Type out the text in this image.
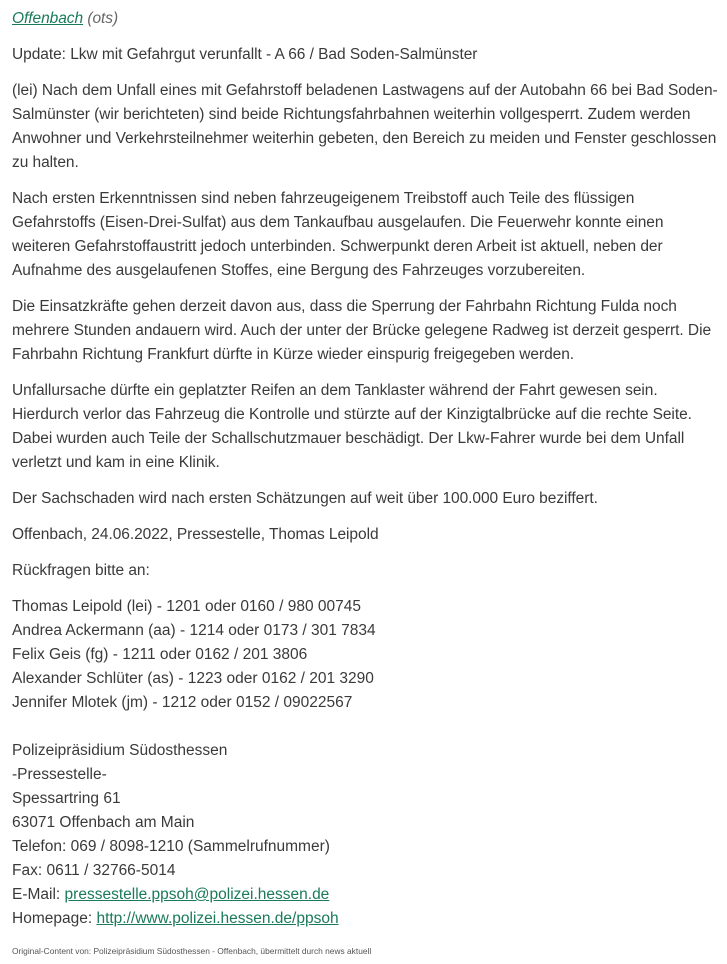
Offenbach (ots)

Update: Lkw mit Gefahrgut verunfallt - A 66 / Bad Soden-Salmünster

(lei) Nach dem Unfall eines mit Gefahrstoff beladenen Lastwagens auf der Autobahn 66 bei Bad Soden-Salmünster (wir berichteten) sind beide Richtungsfahrbahnen weiterhin vollgesperrt. Zudem werden Anwohner und Verkehrsteilnehmer weiterhin gebeten, den Bereich zu meiden und Fenster geschlossen zu halten.

Nach ersten Erkenntnissen sind neben fahrzeugeigenem Treibstoff auch Teile des flüssigen Gefahrstoffs (Eisen-Drei-Sulfat) aus dem Tankaufbau ausgelaufen. Die Feuerwehr konnte einen weiteren Gefahrstoffaustritt jedoch unterbinden. Schwerpunkt deren Arbeit ist aktuell, neben der Aufnahme des ausgelaufenen Stoffes, eine Bergung des Fahrzeuges vorzubereiten.

Die Einsatzkräfte gehen derzeit davon aus, dass die Sperrung der Fahrbahn Richtung Fulda noch mehrere Stunden andauern wird. Auch der unter der Brücke gelegene Radweg ist derzeit gesperrt. Die Fahrbahn Richtung Frankfurt dürfte in Kürze wieder einspurig freigegeben werden.

Unfallursache dürfte ein geplatzter Reifen an dem Tanklaster während der Fahrt gewesen sein. Hierdurch verlor das Fahrzeug die Kontrolle und stürzte auf der Kinzigtalbrücke auf die rechte Seite. Dabei wurden auch Teile der Schallschutzmauer beschädigt. Der Lkw-Fahrer wurde bei dem Unfall verletzt und kam in eine Klinik.

Der Sachschaden wird nach ersten Schätzungen auf weit über 100.000 Euro beziffert.

Offenbach, 24.06.2022, Pressestelle, Thomas Leipold

Rückfragen bitte an:

Thomas Leipold (lei) - 1201 oder 0160 / 980 00745
Andrea Ackermann (aa) - 1214 oder 0173 / 301 7834
Felix Geis (fg) - 1211 oder 0162 / 201 3806
Alexander Schlüter (as) - 1223 oder 0162 / 201 3290
Jennifer Mlotek (jm) - 1212 oder 0152 / 09022567
Polizeipräsidium Südosthessen
-Pressestelle-
Spessartring 61
63071 Offenbach am Main
Telefon: 069 / 8098-1210 (Sammelrufnummer)
Fax: 0611 / 32766-5014
E-Mail: pressestelle.ppsoh@polizei.hessen.de
Homepage: http://www.polizei.hessen.de/ppsoh
Original-Content von: Polizeipräsidium Südosthessen - Offenbach, übermittelt durch news aktuell
